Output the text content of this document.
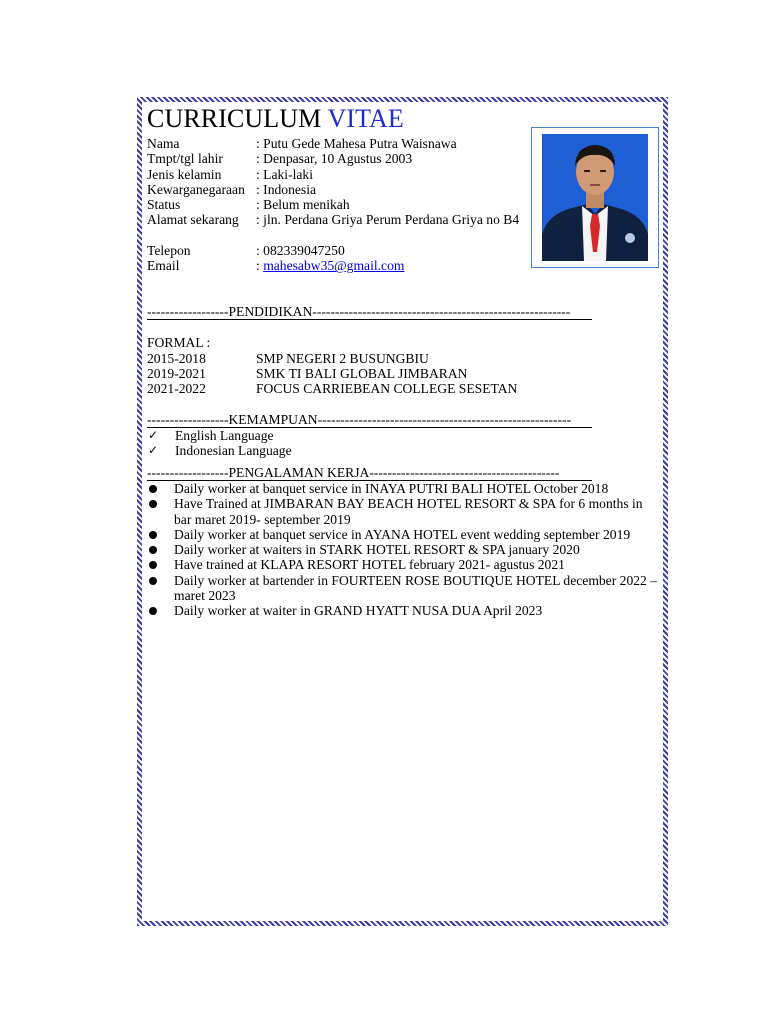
CURRICULUM VITAE
Nama	: Putu Gede Mahesa Putra Waisnawa
Tmpt/tgl lahir	: Denpasar, 10 Agustus 2003
Jenis kelamin	: Laki-laki
Kewarganegaraan : Indonesia
Status	: Belum menikah
Alamat sekarang	: jln. Perdana Griya Perum Perdana Griya no B4
Telepon	: 082339047250
Email	: mahesabw35@gmail.com
------------------PENDIDIKAN---------------------------------------------------------
FORMAL :
2015-2018	SMP NEGERI 2 BUSUNGBIU
2019-2021	SMK TI BALI GLOBAL JIMBARAN
2021-2022	FOCUS CARRIEBEAN COLLEGE SESETAN
------------------KEMAMPUAN--------------------------------------------------------
✓	English Language
✓	Indonesian Language
------------------PENGALAMAN KERJA------------------------------------------
Daily worker at banquet service in INAYA PUTRI BALI HOTEL October 2018
Have Trained at JIMBARAN BAY BEACH HOTEL RESORT & SPA for 6 months in bar maret 2019- september 2019
Daily worker at banquet service in AYANA HOTEL event wedding september 2019
Daily worker at waiters in STARK HOTEL RESORT & SPA january 2020
Have trained at KLAPA RESORT HOTEL february 2021- agustus 2021
Daily worker at bartender in FOURTEEN ROSE BOUTIQUE HOTEL december 2022 – maret 2023
Daily worker at waiter in GRAND HYATT NUSA DUA April 2023
